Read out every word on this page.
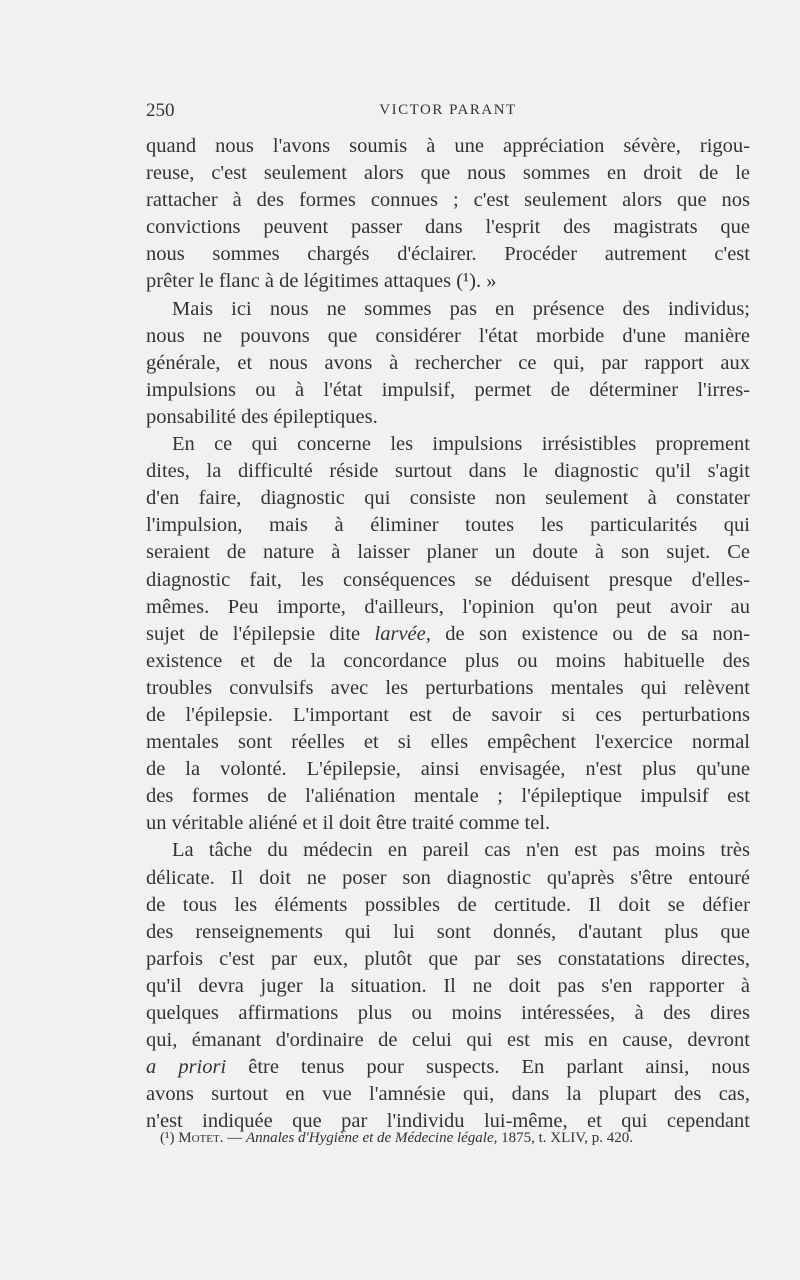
250	VICTOR PARANT
quand nous l'avons soumis à une appréciation sévère, rigou-
reuse, c'est seulement alors que nous sommes en droit de le
rattacher à des formes connues ; c'est seulement alors que nos
convictions peuvent passer dans l'esprit des magistrats que
nous sommes chargés d'éclairer. Procéder autrement c'est
prêter le flanc à de légitimes attaques (¹). »
Mais ici nous ne sommes pas en présence des individus;
nous ne pouvons que considérer l'état morbide d'une manière
générale, et nous avons à rechercher ce qui, par rapport aux
impulsions ou à l'état impulsif, permet de déterminer l'irres-
ponsabilité des épileptiques.
En ce qui concerne les impulsions irrésistibles proprement
dites, la difficulté réside surtout dans le diagnostic qu'il s'agit
d'en faire, diagnostic qui consiste non seulement à constater
l'impulsion, mais à éliminer toutes les particularités qui
seraient de nature à laisser planer un doute à son sujet. Ce
diagnostic fait, les conséquences se déduisent presque d'elles-
mêmes. Peu importe, d'ailleurs, l'opinion qu'on peut avoir au
sujet de l'épilepsie dite larvée, de son existence ou de sa non-
existence et de la concordance plus ou moins habituelle des
troubles convulsifs avec les perturbations mentales qui relèvent
de l'épilepsie. L'important est de savoir si ces perturbations
mentales sont réelles et si elles empêchent l'exercice normal
de la volonté. L'épilepsie, ainsi envisagée, n'est plus qu'une
des formes de l'aliénation mentale ; l'épileptique impulsif est
un véritable aliéné et il doit être traité comme tel.
La tâche du médecin en pareil cas n'en est pas moins très
délicate. Il doit ne poser son diagnostic qu'après s'être entouré
de tous les éléments possibles de certitude. Il doit se défier
des renseignements qui lui sont donnés, d'autant plus que
parfois c'est par eux, plutôt que par ses constatations directes,
qu'il devra juger la situation. Il ne doit pas s'en rapporter à
quelques affirmations plus ou moins intéressées, à des dires
qui, émanant d'ordinaire de celui qui est mis en cause, devront
a priori être tenus pour suspects. En parlant ainsi, nous
avons surtout en vue l'amnésie qui, dans la plupart des cas,
n'est indiquée que par l'individu lui-même, et qui cependant
(¹) Motet. — Annales d'Hygiène et de Médecine légale, 1875, t. XLIV, p. 420.
